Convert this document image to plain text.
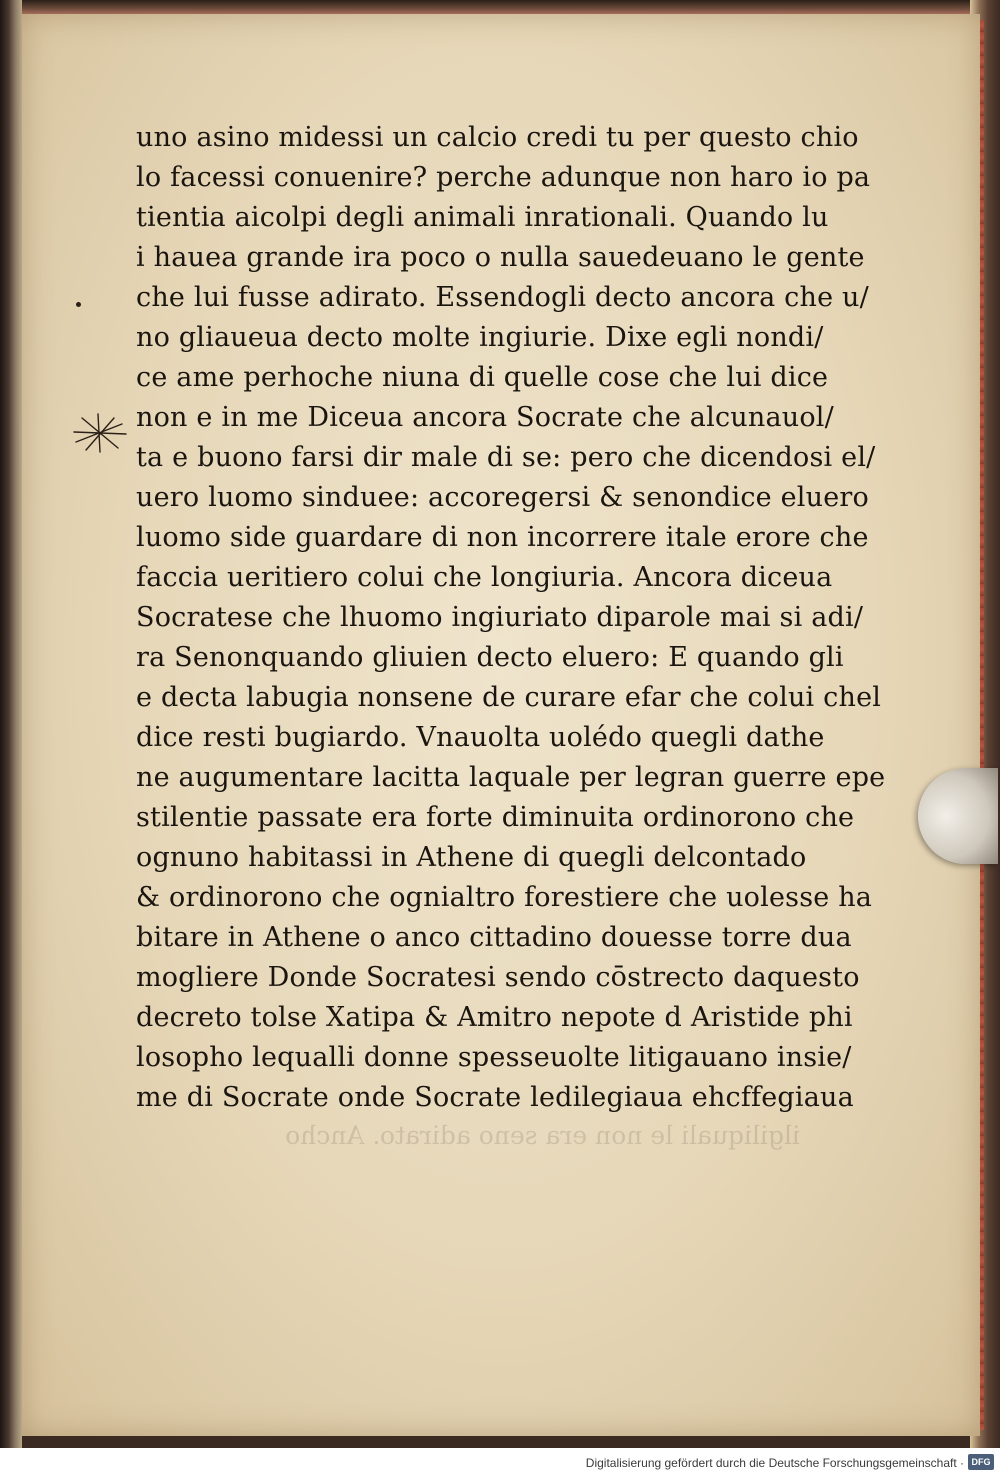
ilgiliquali le non era seno adirato. Ancho
uno asino midessi un calcio credi tu per questo chio
lo facessi conuenire? perche adunque non haro io pa
tientia aicolpi degli animali inrationali. Quando lu
i hauea grande ira poco o nulla sauedeuano le gente
che lui fusse adirato. Essendogli decto ancora che u/
no gliaueua decto molte ingiurie. Dixe egli nondi/
ce ame perhoche niuna di quelle cose che lui dice
non e in me Diceua ancora Socrate che alcunauol/
ta e buono farsi dir male di se: pero che dicendosi el/
uero luomo sinduee: accoregersi & senondice eluero
luomo side guardare di non incorrere itale erore che
faccia ueritiero colui che longiuria. Ancora diceua
Socratese che lhuomo ingiuriato diparole mai si adi/
ra Senonquando gliuien decto eluero: E quando gli
e decta labugia nonsene de curare efar che colui chel
dice resti bugiardo. Vnauolta uolédo quegli dathe
ne augumentare lacitta laquale per legran guerre epe
stilentie passate era forte diminuita ordinorono che
ognuno habitassi in Athene di quegli delcontado
& ordinorono che ognialtro forestiere che uolesse ha
bitare in Athene o anco cittadino douesse torre dua
mogliere Donde Socratesi sendo cōstrecto daquesto
decreto tolse Xatipa & Amitro nepote d Aristide phi
losopho lequalli donne spesseuolte litigauano insie/
me di Socrate onde Socrate ledilegiaua ehcffegiaua
Digitalisierung gefördert durch die Deutsche Forschungsgemeinschaft · DFG
